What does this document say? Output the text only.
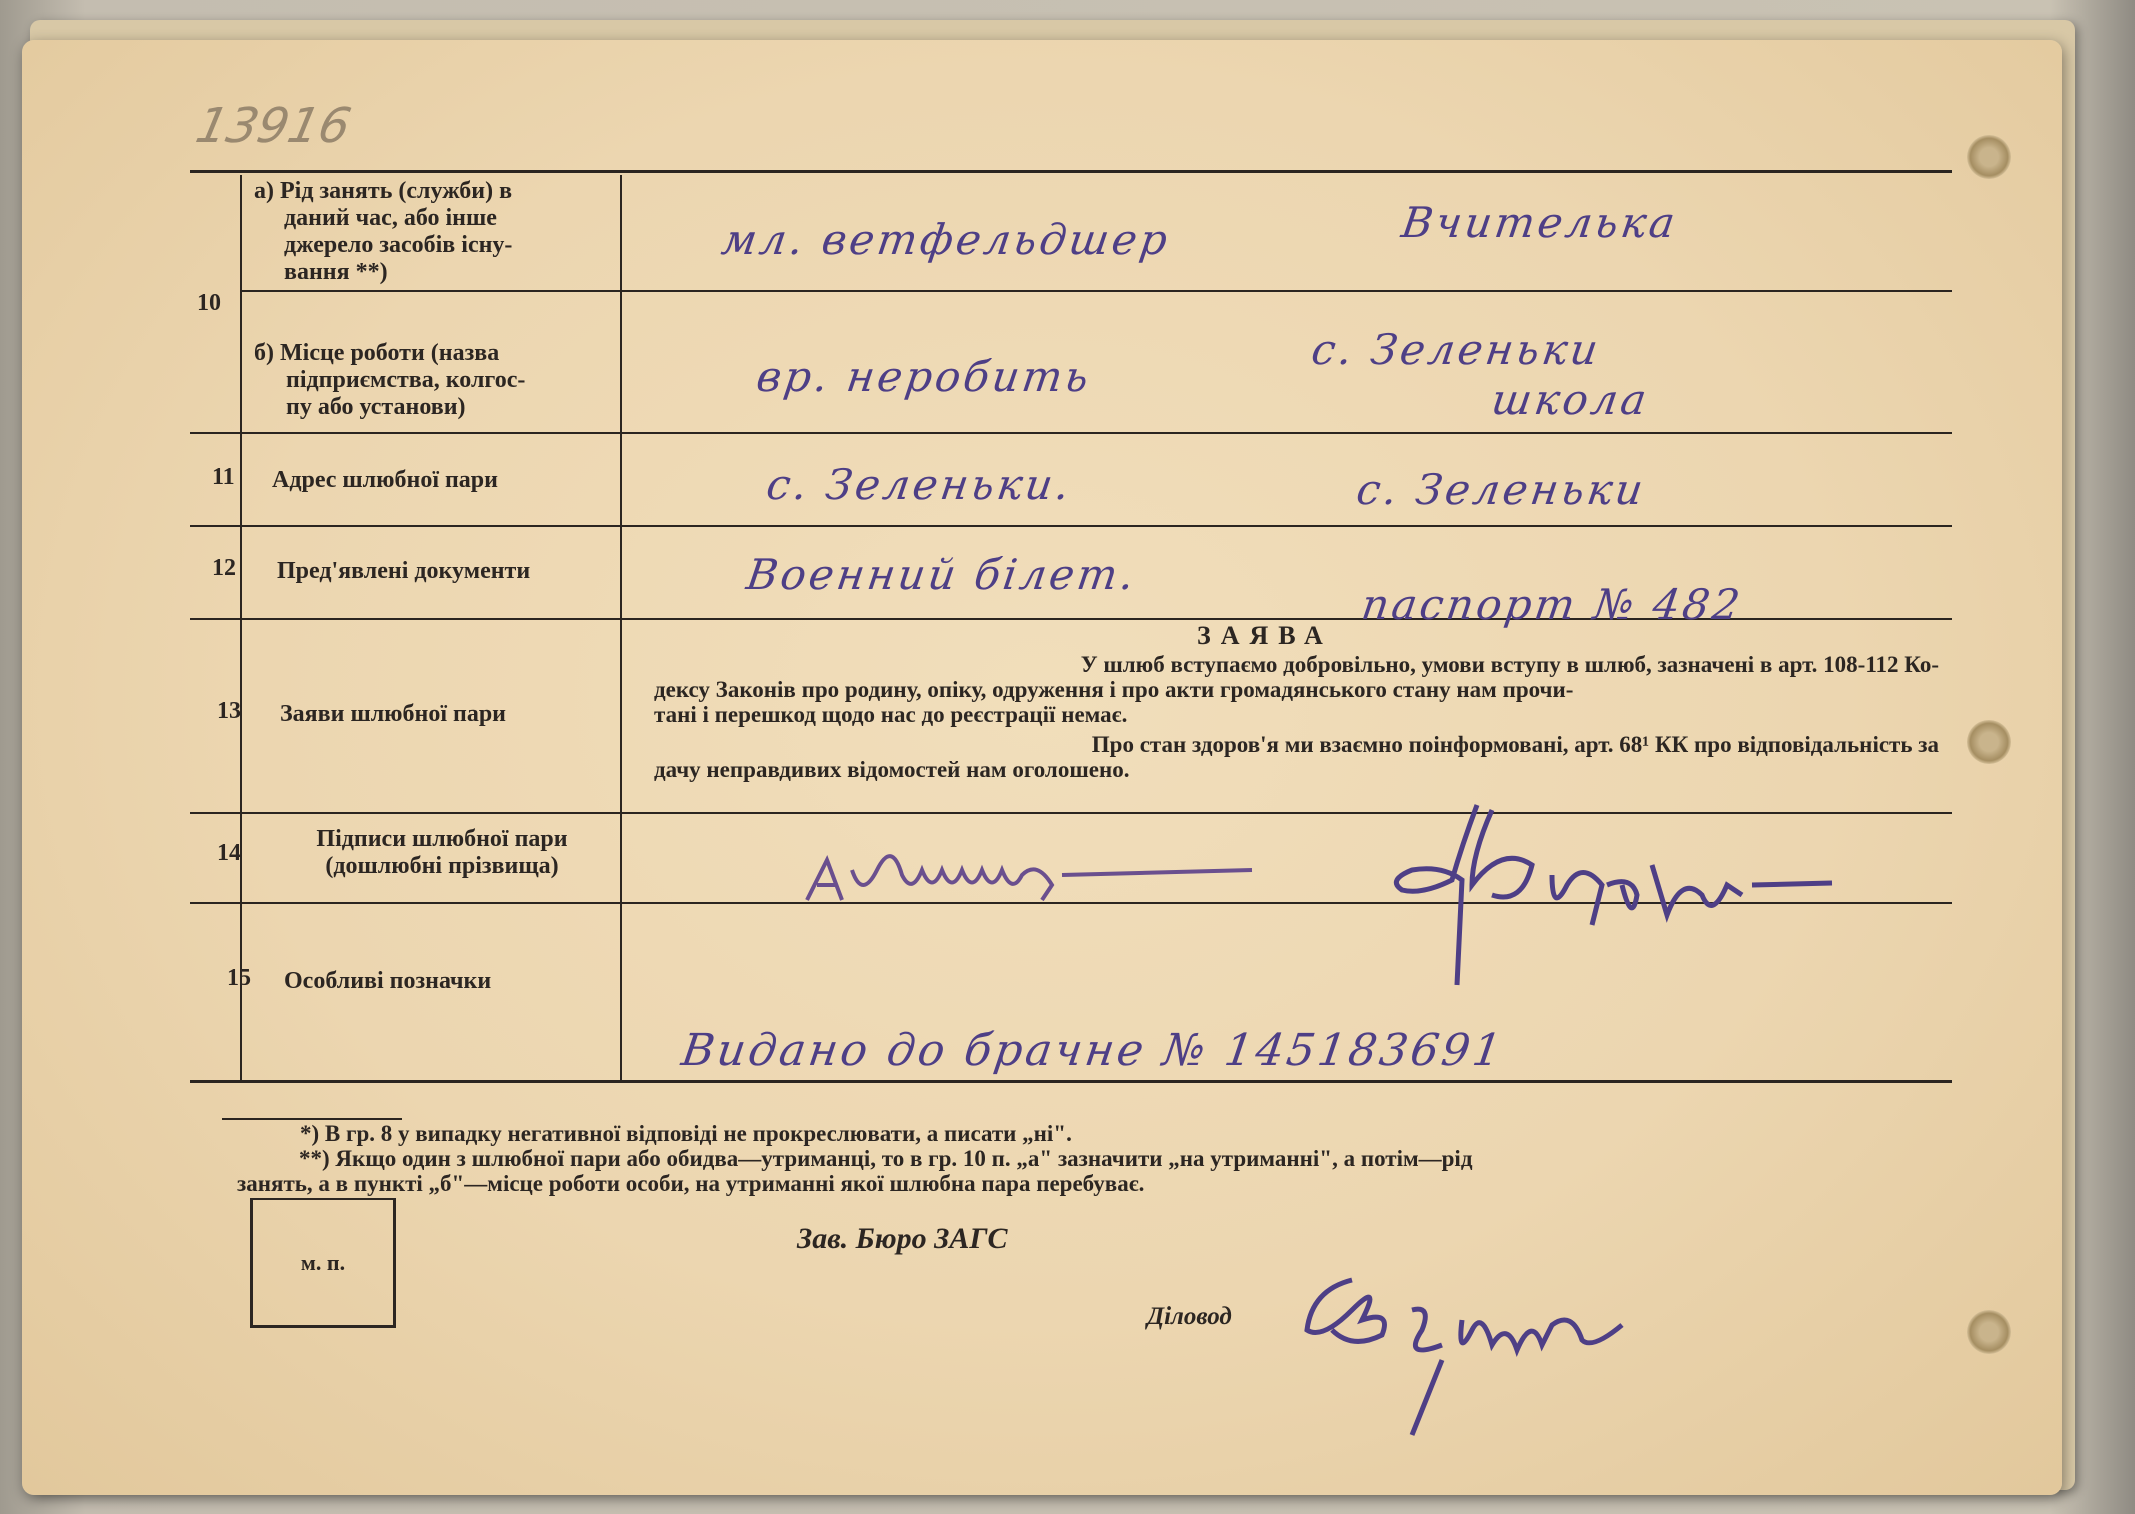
13916
10
11
12
13
14
15
а) Рід занять (служби) в
даний час, або інше
джерело засобів існу-
вання **)
б) Місце роботи (назва
підприємства, колгос-
пу або установи)
Адрес шлюбної пари
Пред'явлені документи
Заяви шлюбної пари
Підписи шлюбної пари
(дошлюбні прізвища)
Особливі позначки
мл. ветфельдшер	Вчителька
вр. неробить
с. Зеленьки
школа
с. Зеленьки.	с. Зеленьки
Военний білет.
паспорт № 482
ЗАЯВА
У шлюб вступаємо добровільно, умови вступу в шлюб, зазначені в арт. 108-112 Ко-
дексу Законів про родину, опіку, одруження і про акти громадянського стану нам прочи-
тані і перешкод щодо нас до реєстрації немає.
Про стан здоров'я ми взаємно поінформовані, арт. 68¹ КК про відповідальність за
дачу неправдивих відомостей нам оголошено.
Видано до брачне № 145183691
*) В гр. 8 у випадку негативної відповіді не прокреслювати, а писати „ні".
**) Якщо один з шлюбної пари або обидва—утриманці, то в гр. 10 п. „а" зазначити „на утриманні", а потім—рід
занять, а в пункті „б"—місце роботи особи, на утриманні якої шлюбна пара перебуває.
м. п.
Зав. Бюро ЗАГС
Діловод
